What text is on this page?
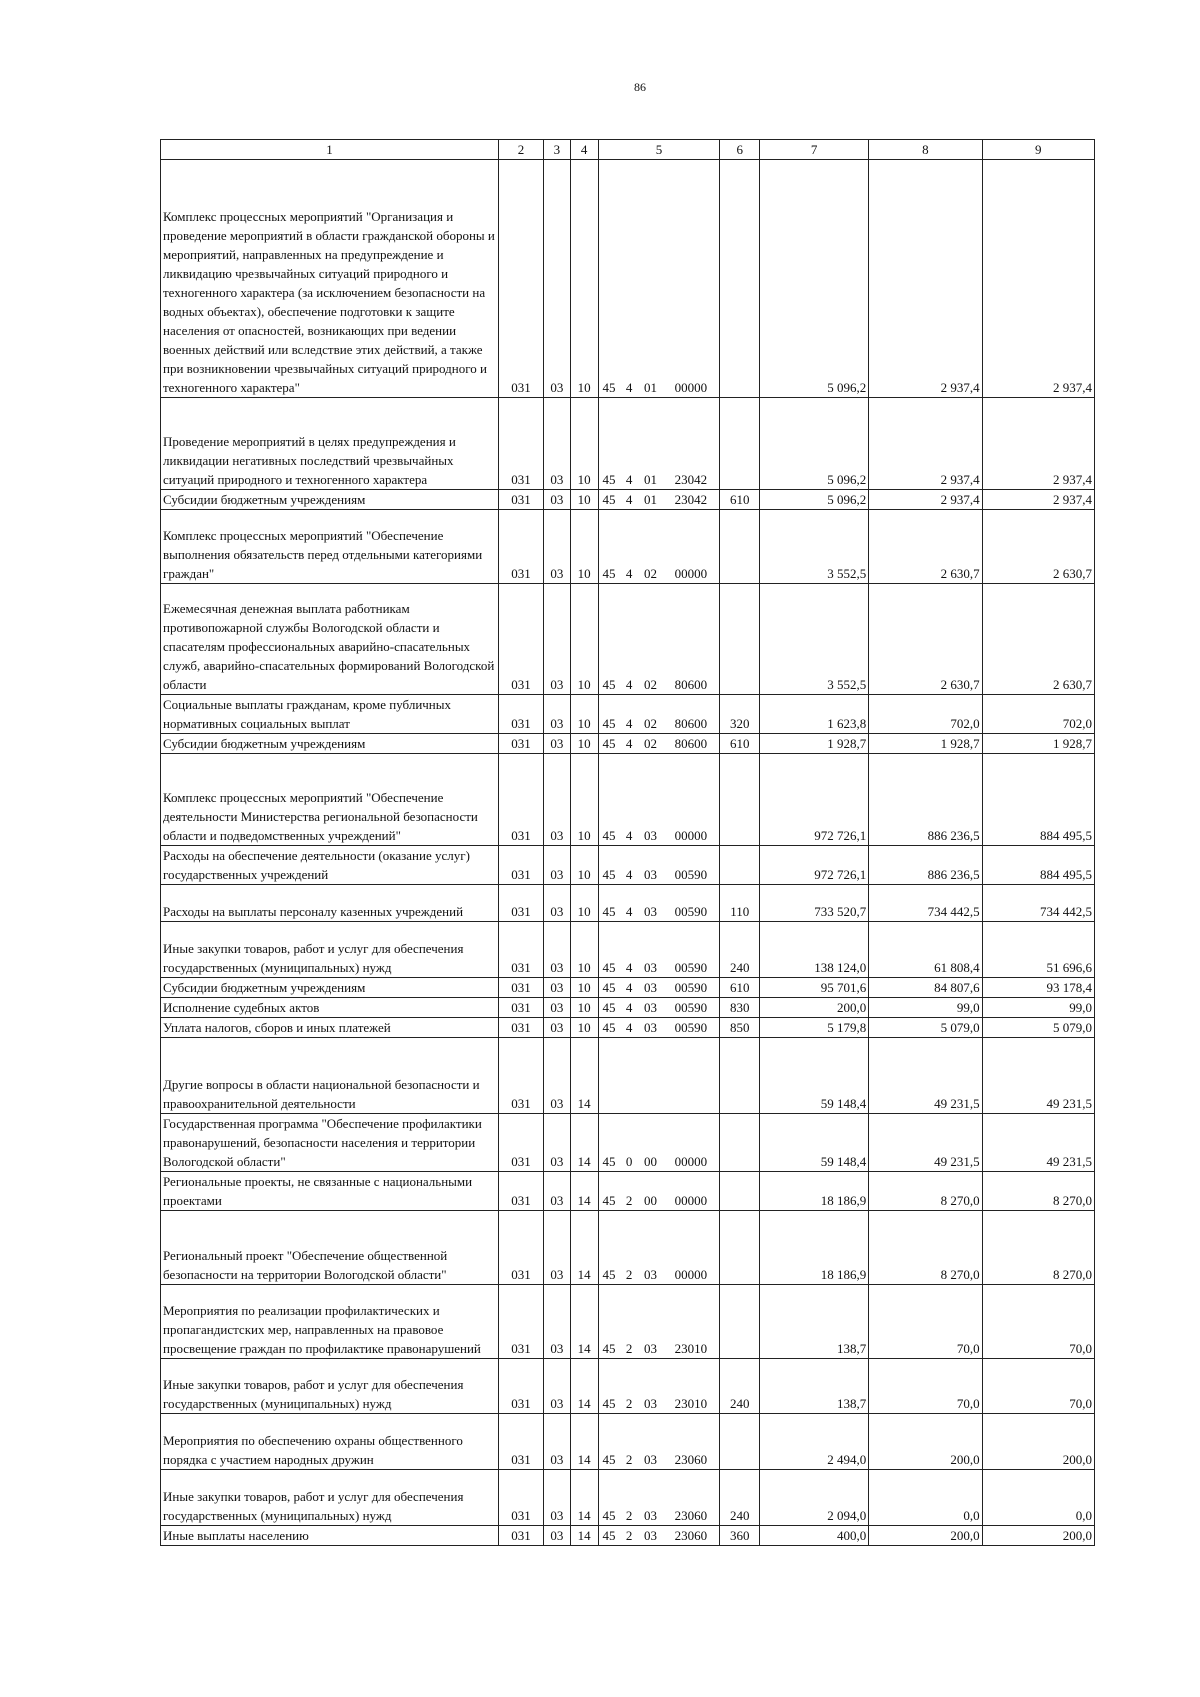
86
1	2	3	4	5				6	7	8	9
Комплекс процессных мероприятий "Организация и проведение мероприятий в области гражданской обороны и мероприятий, направленных на предупреждение и ликвидацию чрезвычайных ситуаций природного и техногенного характера (за исключением безопасности на водных объектах), обеспечение подготовки к защите населения от опасностей, возникающих при ведении военных действий или вследствие этих действий, а также при возникновении чрезвычайных ситуаций природного и техногенного характера"	031	03	10	45	4	01	00000		5 096,2	2 937,4	2 937,4
Проведение мероприятий в целях предупреждения и ликвидации негативных последствий чрезвычайных ситуаций природного и техногенного характера	031	03	10	45	4	01	23042		5 096,2	2 937,4	2 937,4
Субсидии бюджетным учреждениям	031	03	10	45	4	01	23042	610	5 096,2	2 937,4	2 937,4
Комплекс процессных мероприятий "Обеспечение выполнения обязательств перед отдельными категориями граждан"	031	03	10	45	4	02	00000		3 552,5	2 630,7	2 630,7
Ежемесячная денежная выплата работникам противопожарной службы Вологодской области и спасателям профессиональных аварийно-спасательных служб, аварийно-спасательных формирований Вологодской области	031	03	10	45	4	02	80600		3 552,5	2 630,7	2 630,7
Социальные выплаты гражданам, кроме публичных нормативных социальных выплат	031	03	10	45	4	02	80600	320	1 623,8	702,0	702,0
Субсидии бюджетным учреждениям	031	03	10	45	4	02	80600	610	1 928,7	1 928,7	1 928,7
Комплекс процессных мероприятий "Обеспечение деятельности Министерства региональной безопасности области и подведомственных учреждений"	031	03	10	45	4	03	00000		972 726,1	886 236,5	884 495,5
Расходы на обеспечение деятельности (оказание услуг) государственных учреждений	031	03	10	45	4	03	00590		972 726,1	886 236,5	884 495,5
Расходы на выплаты персоналу казенных учреждений	031	03	10	45	4	03	00590	110	733 520,7	734 442,5	734 442,5
Иные закупки товаров, работ и услуг для обеспечения государственных (муниципальных) нужд	031	03	10	45	4	03	00590	240	138 124,0	61 808,4	51 696,6
Субсидии бюджетным учреждениям	031	03	10	45	4	03	00590	610	95 701,6	84 807,6	93 178,4
Исполнение судебных актов	031	03	10	45	4	03	00590	830	200,0	99,0	99,0
Уплата налогов, сборов и иных платежей	031	03	10	45	4	03	00590	850	5 179,8	5 079,0	5 079,0
Другие вопросы в области национальной безопасности и правоохранительной деятельности	031	03	14						59 148,4	49 231,5	49 231,5
Государственная программа "Обеспечение профилактики правонарушений, безопасности населения и территории Вологодской области"	031	03	14	45	0	00	00000		59 148,4	49 231,5	49 231,5
Региональные проекты, не связанные с национальными проектами	031	03	14	45	2	00	00000		18 186,9	8 270,0	8 270,0
Региональный проект "Обеспечение общественной безопасности на территории Вологодской области"	031	03	14	45	2	03	00000		18 186,9	8 270,0	8 270,0
Мероприятия по реализации профилактических и пропагандистских мер, направленных на правовое просвещение граждан по профилактике правонарушений	031	03	14	45	2	03	23010		138,7	70,0	70,0
Иные закупки товаров, работ и услуг для обеспечения государственных (муниципальных) нужд	031	03	14	45	2	03	23010	240	138,7	70,0	70,0
Мероприятия по обеспечению охраны общественного порядка с участием народных дружин	031	03	14	45	2	03	23060		2 494,0	200,0	200,0
Иные закупки товаров, работ и услуг для обеспечения государственных (муниципальных) нужд	031	03	14	45	2	03	23060	240	2 094,0	0,0	0,0
Иные выплаты населению	031	03	14	45	2	03	23060	360	400,0	200,0	200,0
